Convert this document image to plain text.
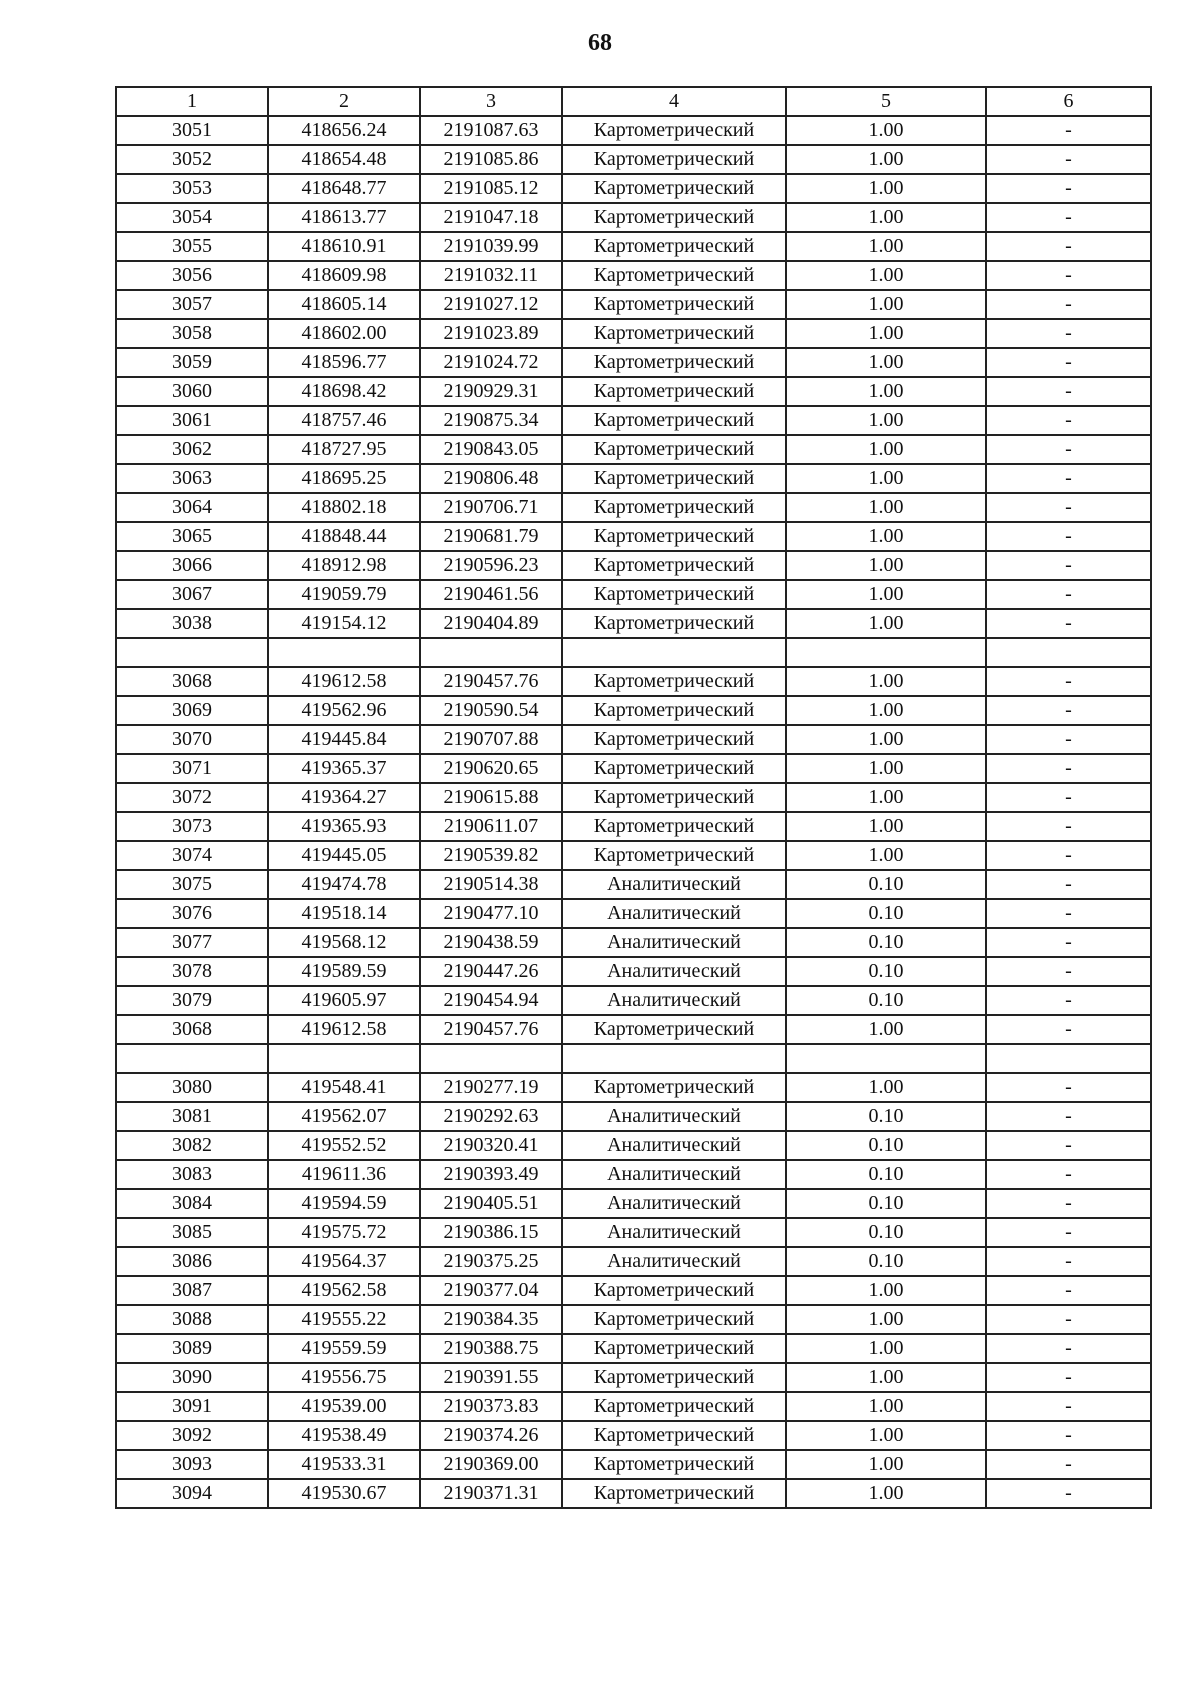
68
1	2	3	4	5	6
3051	418656.24	2191087.63	Картометрический	1.00	-
3052	418654.48	2191085.86	Картометрический	1.00	-
3053	418648.77	2191085.12	Картометрический	1.00	-
3054	418613.77	2191047.18	Картометрический	1.00	-
3055	418610.91	2191039.99	Картометрический	1.00	-
3056	418609.98	2191032.11	Картометрический	1.00	-
3057	418605.14	2191027.12	Картометрический	1.00	-
3058	418602.00	2191023.89	Картометрический	1.00	-
3059	418596.77	2191024.72	Картометрический	1.00	-
3060	418698.42	2190929.31	Картометрический	1.00	-
3061	418757.46	2190875.34	Картометрический	1.00	-
3062	418727.95	2190843.05	Картометрический	1.00	-
3063	418695.25	2190806.48	Картометрический	1.00	-
3064	418802.18	2190706.71	Картометрический	1.00	-
3065	418848.44	2190681.79	Картометрический	1.00	-
3066	418912.98	2190596.23	Картометрический	1.00	-
3067	419059.79	2190461.56	Картометрический	1.00	-
3038	419154.12	2190404.89	Картометрический	1.00	-

3068	419612.58	2190457.76	Картометрический	1.00	-
3069	419562.96	2190590.54	Картометрический	1.00	-
3070	419445.84	2190707.88	Картометрический	1.00	-
3071	419365.37	2190620.65	Картометрический	1.00	-
3072	419364.27	2190615.88	Картометрический	1.00	-
3073	419365.93	2190611.07	Картометрический	1.00	-
3074	419445.05	2190539.82	Картометрический	1.00	-
3075	419474.78	2190514.38	Аналитический	0.10	-
3076	419518.14	2190477.10	Аналитический	0.10	-
3077	419568.12	2190438.59	Аналитический	0.10	-
3078	419589.59	2190447.26	Аналитический	0.10	-
3079	419605.97	2190454.94	Аналитический	0.10	-
3068	419612.58	2190457.76	Картометрический	1.00	-

3080	419548.41	2190277.19	Картометрический	1.00	-
3081	419562.07	2190292.63	Аналитический	0.10	-
3082	419552.52	2190320.41	Аналитический	0.10	-
3083	419611.36	2190393.49	Аналитический	0.10	-
3084	419594.59	2190405.51	Аналитический	0.10	-
3085	419575.72	2190386.15	Аналитический	0.10	-
3086	419564.37	2190375.25	Аналитический	0.10	-
3087	419562.58	2190377.04	Картометрический	1.00	-
3088	419555.22	2190384.35	Картометрический	1.00	-
3089	419559.59	2190388.75	Картометрический	1.00	-
3090	419556.75	2190391.55	Картометрический	1.00	-
3091	419539.00	2190373.83	Картометрический	1.00	-
3092	419538.49	2190374.26	Картометрический	1.00	-
3093	419533.31	2190369.00	Картометрический	1.00	-
3094	419530.67	2190371.31	Картометрический	1.00	-
